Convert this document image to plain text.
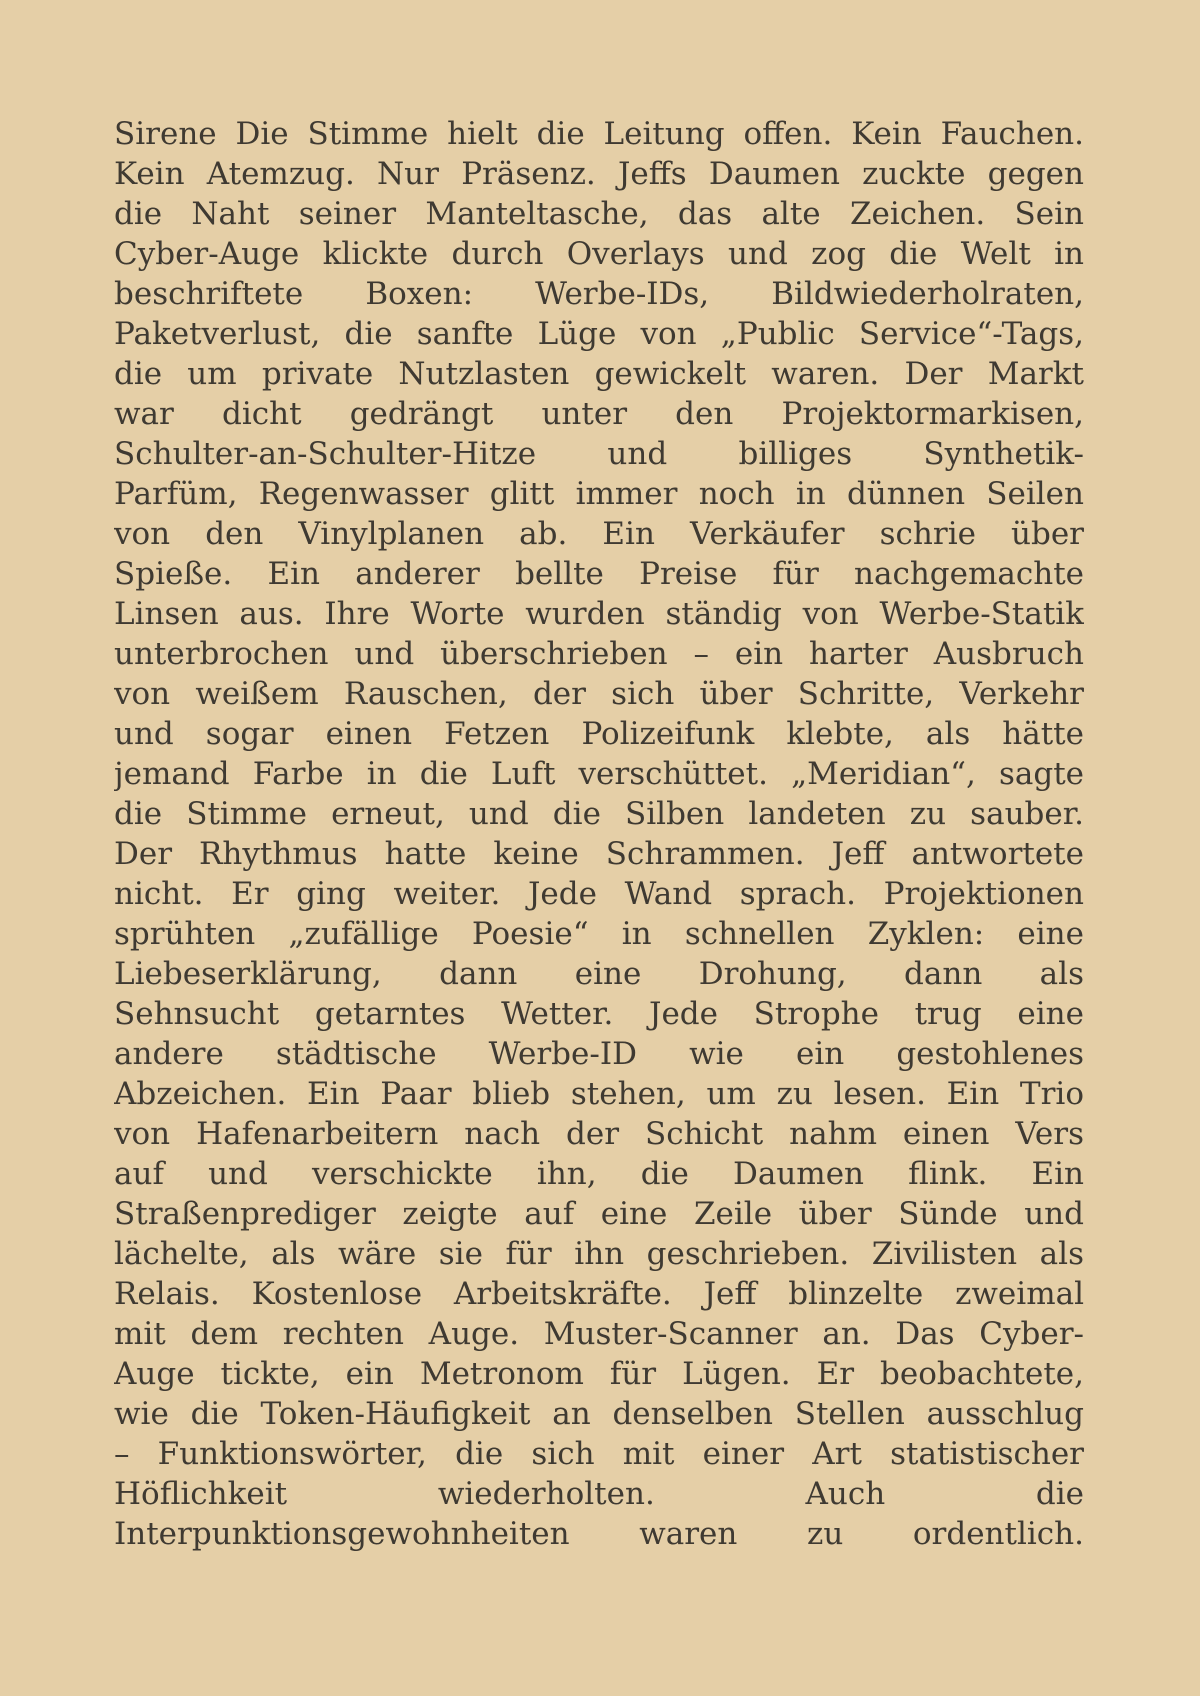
Sirene Die Stimme hielt die Leitung offen. Kein Fauchen.
Kein Atemzug. Nur Präsenz. Jeffs Daumen zuckte gegen
die Naht seiner Manteltasche, das alte Zeichen. Sein
Cyber-Auge klickte durch Overlays und zog die Welt in
beschriftete Boxen: Werbe-IDs, Bildwiederholraten,
Paketverlust, die sanfte Lüge von „Public Service“-Tags,
die um private Nutzlasten gewickelt waren. Der Markt
war dicht gedrängt unter den Projektormarkisen,
Schulter-an-Schulter-Hitze und billiges Synthetik-
Parfüm, Regenwasser glitt immer noch in dünnen Seilen
von den Vinylplanen ab. Ein Verkäufer schrie über
Spieße. Ein anderer bellte Preise für nachgemachte
Linsen aus. Ihre Worte wurden ständig von Werbe-Statik
unterbrochen und überschrieben – ein harter Ausbruch
von weißem Rauschen, der sich über Schritte, Verkehr
und sogar einen Fetzen Polizeifunk klebte, als hätte
jemand Farbe in die Luft verschüttet. „Meridian“, sagte
die Stimme erneut, und die Silben landeten zu sauber.
Der Rhythmus hatte keine Schrammen. Jeff antwortete
nicht. Er ging weiter. Jede Wand sprach. Projektionen
sprühten „zufällige Poesie“ in schnellen Zyklen: eine
Liebeserklärung, dann eine Drohung, dann als
Sehnsucht getarntes Wetter. Jede Strophe trug eine
andere städtische Werbe-ID wie ein gestohlenes
Abzeichen. Ein Paar blieb stehen, um zu lesen. Ein Trio
von Hafenarbeitern nach der Schicht nahm einen Vers
auf und verschickte ihn, die Daumen flink. Ein
Straßenprediger zeigte auf eine Zeile über Sünde und
lächelte, als wäre sie für ihn geschrieben. Zivilisten als
Relais. Kostenlose Arbeitskräfte. Jeff blinzelte zweimal
mit dem rechten Auge. Muster-Scanner an. Das Cyber-
Auge tickte, ein Metronom für Lügen. Er beobachtete,
wie die Token-Häufigkeit an denselben Stellen ausschlug
– Funktionswörter, die sich mit einer Art statistischer
Höflichkeit wiederholten. Auch die
Interpunktionsgewohnheiten waren zu ordentlich.
